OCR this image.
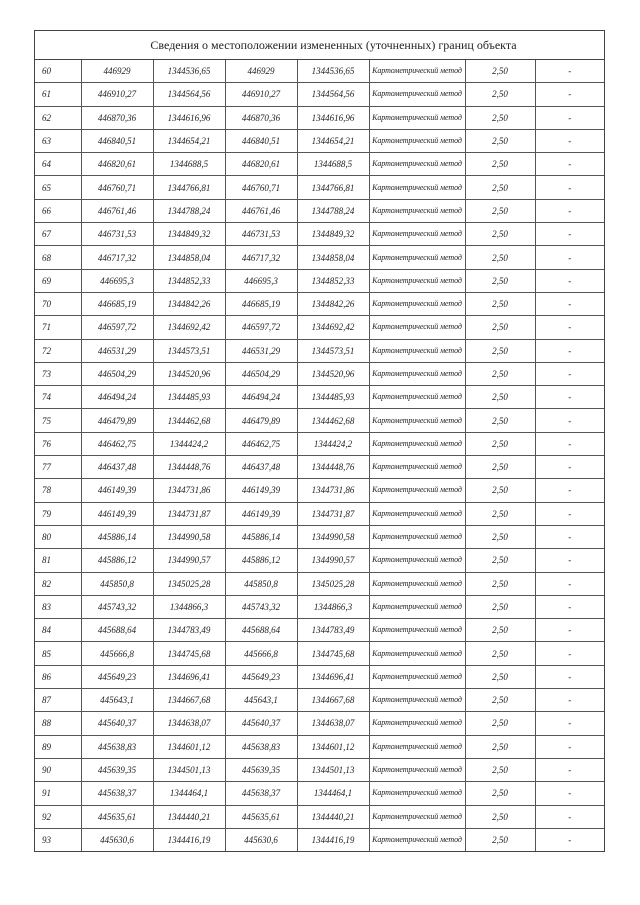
Сведения о местоположении измененных (уточненных) границ объекта
60	446929	1344536,65	446929	1344536,65	Картометрический метод	2,50	-
61	446910,27	1344564,56	446910,27	1344564,56	Картометрический метод	2,50	-
62	446870,36	1344616,96	446870,36	1344616,96	Картометрический метод	2,50	-
63	446840,51	1344654,21	446840,51	1344654,21	Картометрический метод	2,50	-
64	446820,61	1344688,5	446820,61	1344688,5	Картометрический метод	2,50	-
65	446760,71	1344766,81	446760,71	1344766,81	Картометрический метод	2,50	-
66	446761,46	1344788,24	446761,46	1344788,24	Картометрический метод	2,50	-
67	446731,53	1344849,32	446731,53	1344849,32	Картометрический метод	2,50	-
68	446717,32	1344858,04	446717,32	1344858,04	Картометрический метод	2,50	-
69	446695,3	1344852,33	446695,3	1344852,33	Картометрический метод	2,50	-
70	446685,19	1344842,26	446685,19	1344842,26	Картометрический метод	2,50	-
71	446597,72	1344692,42	446597,72	1344692,42	Картометрический метод	2,50	-
72	446531,29	1344573,51	446531,29	1344573,51	Картометрический метод	2,50	-
73	446504,29	1344520,96	446504,29	1344520,96	Картометрический метод	2,50	-
74	446494,24	1344485,93	446494,24	1344485,93	Картометрический метод	2,50	-
75	446479,89	1344462,68	446479,89	1344462,68	Картометрический метод	2,50	-
76	446462,75	1344424,2	446462,75	1344424,2	Картометрический метод	2,50	-
77	446437,48	1344448,76	446437,48	1344448,76	Картометрический метод	2,50	-
78	446149,39	1344731,86	446149,39	1344731,86	Картометрический метод	2,50	-
79	446149,39	1344731,87	446149,39	1344731,87	Картометрический метод	2,50	-
80	445886,14	1344990,58	445886,14	1344990,58	Картометрический метод	2,50	-
81	445886,12	1344990,57	445886,12	1344990,57	Картометрический метод	2,50	-
82	445850,8	1345025,28	445850,8	1345025,28	Картометрический метод	2,50	-
83	445743,32	1344866,3	445743,32	1344866,3	Картометрический метод	2,50	-
84	445688,64	1344783,49	445688,64	1344783,49	Картометрический метод	2,50	-
85	445666,8	1344745,68	445666,8	1344745,68	Картометрический метод	2,50	-
86	445649,23	1344696,41	445649,23	1344696,41	Картометрический метод	2,50	-
87	445643,1	1344667,68	445643,1	1344667,68	Картометрический метод	2,50	-
88	445640,37	1344638,07	445640,37	1344638,07	Картометрический метод	2,50	-
89	445638,83	1344601,12	445638,83	1344601,12	Картометрический метод	2,50	-
90	445639,35	1344501,13	445639,35	1344501,13	Картометрический метод	2,50	-
91	445638,37	1344464,1	445638,37	1344464,1	Картометрический метод	2,50	-
92	445635,61	1344440,21	445635,61	1344440,21	Картометрический метод	2,50	-
93	445630,6	1344416,19	445630,6	1344416,19	Картометрический метод	2,50	-
